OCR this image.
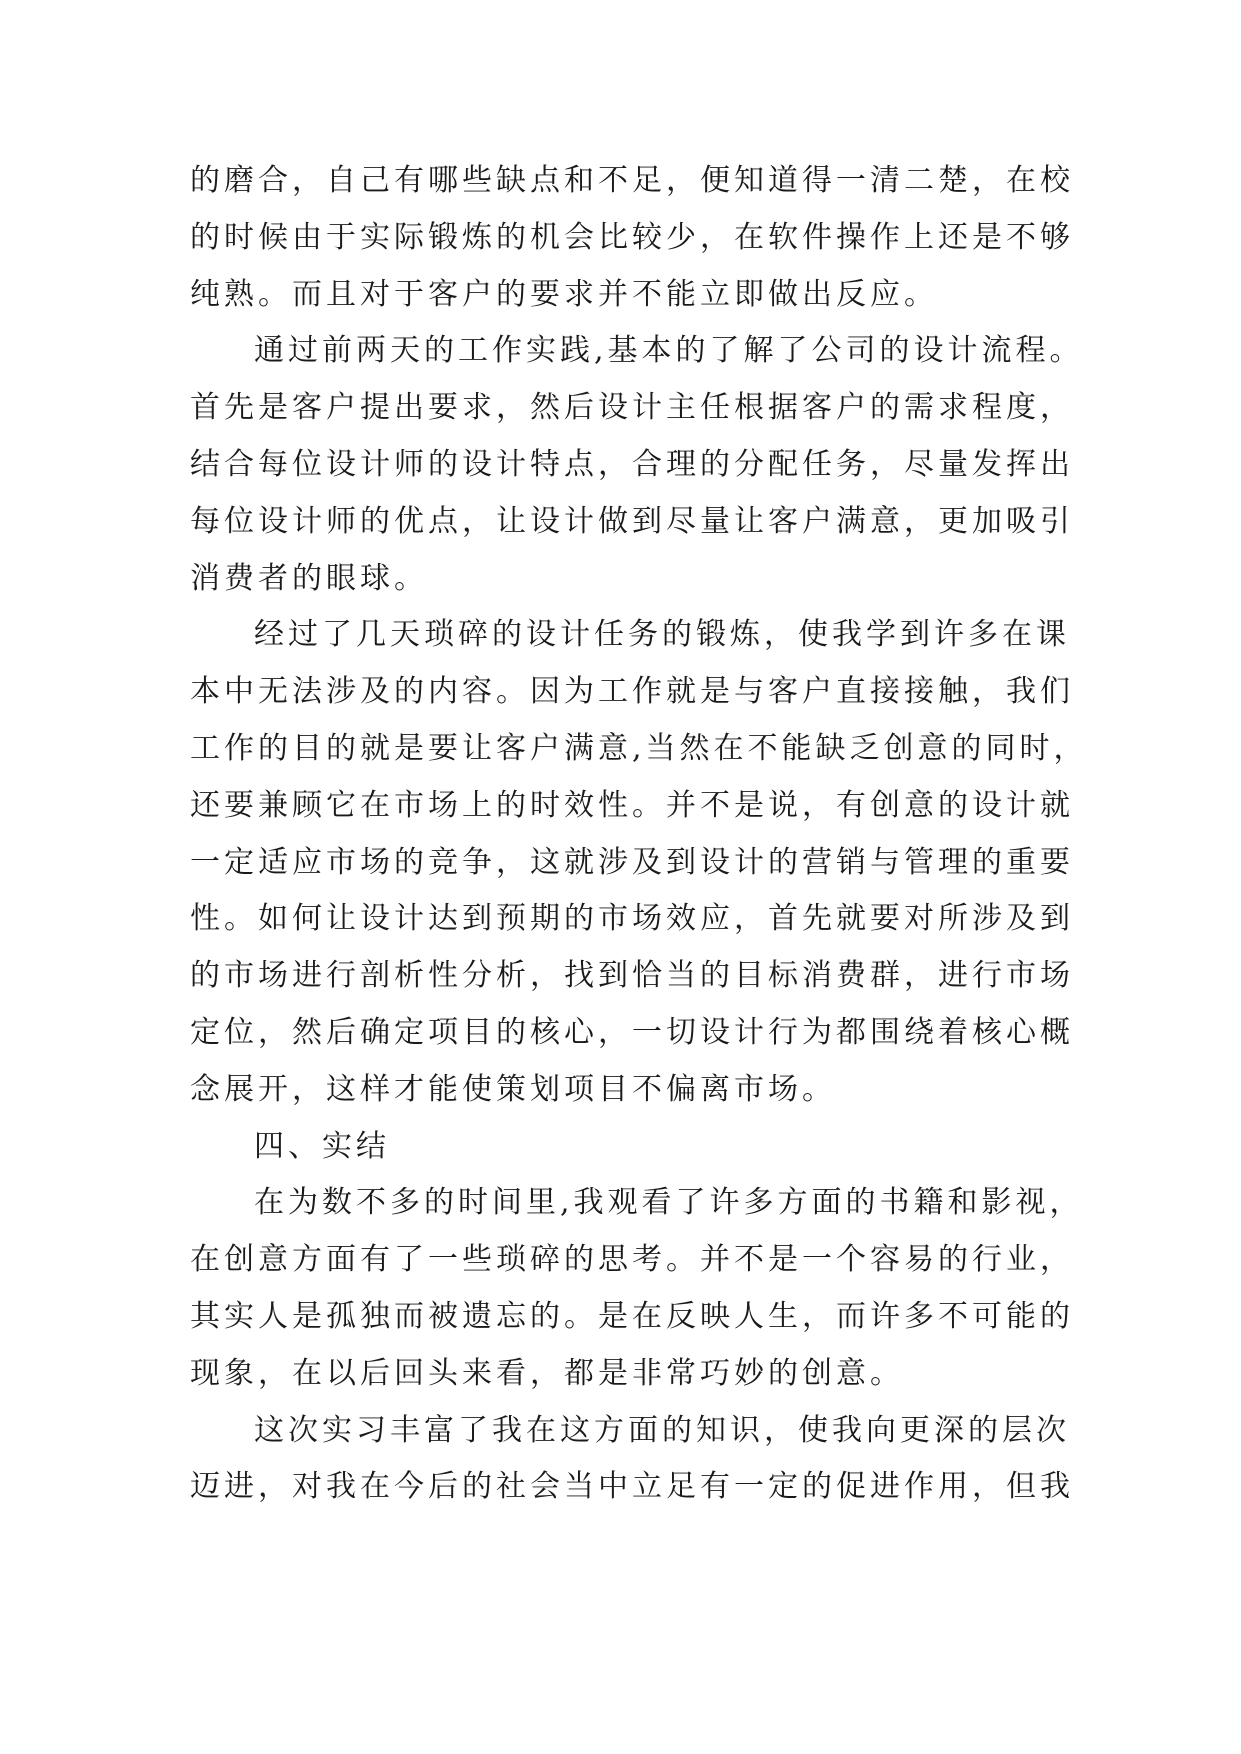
的磨合，自己有哪些缺点和不足，便知道得一清二楚，在校
的时候由于实际锻炼的机会比较少，在软件操作上还是不够
纯熟。而且对于客户的要求并不能立即做出反应。
通过前两天的工作实践,基本的了解了公司的设计流程。
首先是客户提出要求，然后设计主任根据客户的需求程度，
结合每位设计师的设计特点，合理的分配任务，尽量发挥出
每位设计师的优点，让设计做到尽量让客户满意，更加吸引
消费者的眼球。
经过了几天琐碎的设计任务的锻炼，使我学到许多在课
本中无法涉及的内容。因为工作就是与客户直接接触，我们
工作的目的就是要让客户满意,当然在不能缺乏创意的同时，
还要兼顾它在市场上的时效性。并不是说，有创意的设计就
一定适应市场的竞争，这就涉及到设计的营销与管理的重要
性。如何让设计达到预期的市场效应，首先就要对所涉及到
的市场进行剖析性分析，找到恰当的目标消费群，进行市场
定位，然后确定项目的核心，一切设计行为都围绕着核心概
念展开，这样才能使策划项目不偏离市场。
四、实结
在为数不多的时间里,我观看了许多方面的书籍和影视，
在创意方面有了一些琐碎的思考。并不是一个容易的行业，
其实人是孤独而被遗忘的。是在反映人生，而许多不可能的
现象，在以后回头来看，都是非常巧妙的创意。
这次实习丰富了我在这方面的知识，使我向更深的层次
迈进，对我在今后的社会当中立足有一定的促进作用，但我
